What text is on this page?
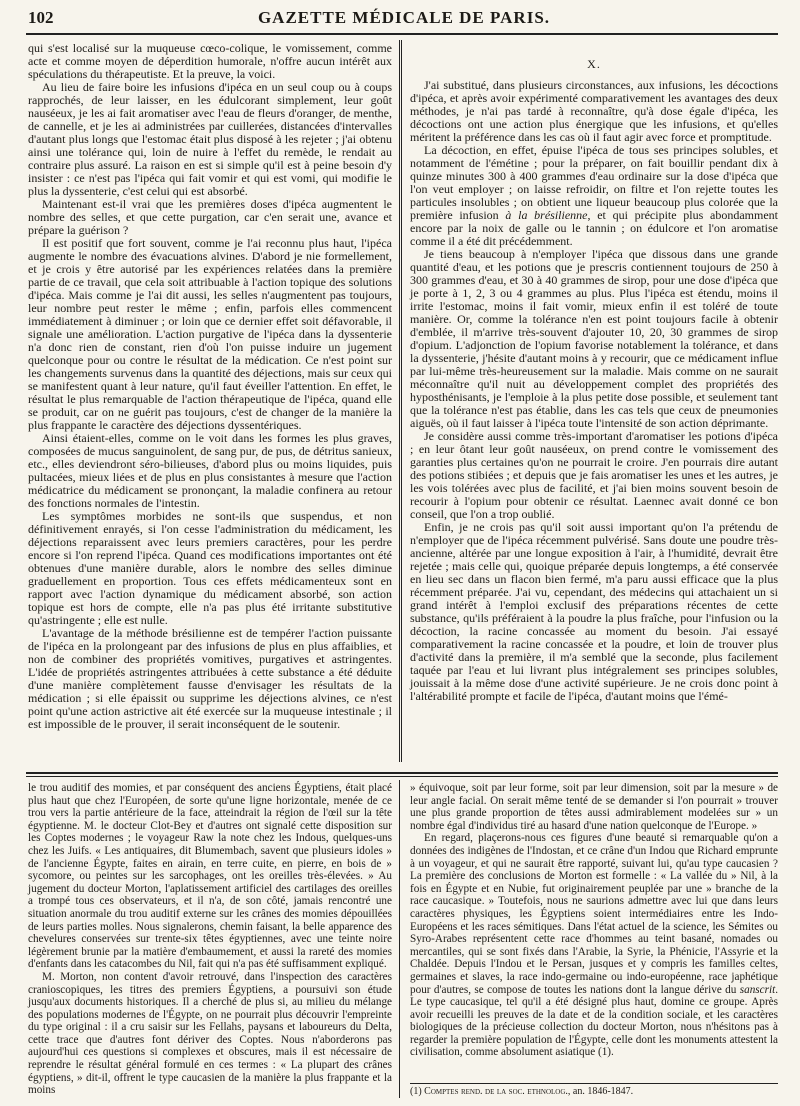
102	GAZETTE MÉDICALE DE PARIS.

qui s'est localisé sur la muqueuse cœco-colique, le vomissement, comme acte et comme moyen de déperdition humorale, n'offre aucun intérêt aux spéculations du thérapeutiste. Et la preuve, la voici.

Au lieu de faire boire les infusions d'ipéca en un seul coup ou à coups rapprochés, de leur laisser, en les édulcorant simplement, leur goût nauséeux, je les ai fait aromatiser avec l'eau de fleurs d'oranger, de menthe, de cannelle, et je les ai administrées par cuillerées, distancées d'intervalles d'autant plus longs que l'estomac était plus disposé à les rejeter ; j'ai obtenu ainsi une tolérance qui, loin de nuire à l'effet du remède, le rendait au contraire plus assuré. La raison en est si simple qu'il est à peine besoin d'y insister : ce n'est pas l'ipéca qui fait vomir et qui est vomi, qui modifie le plus la dyssenterie, c'est celui qui est absorbé.

Maintenant est-il vrai que les premières doses d'ipéca augmentent le nombre des selles, et que cette purgation, car c'en serait une, avance et prépare la guérison ?

Il est positif que fort souvent, comme je l'ai reconnu plus haut, l'ipéca augmente le nombre des évacuations alvines. D'abord je nie formellement, et je crois y être autorisé par les expériences relatées dans la première partie de ce travail, que cela soit attribuable à l'action topique des solutions d'ipéca. Mais comme je l'ai dit aussi, les selles n'augmentent pas toujours, leur nombre peut rester le même ; enfin, parfois elles commencent immédiatement à diminuer ; or loin que ce dernier effet soit défavorable, il signale une amélioration. L'action purgative de l'ipéca dans la dyssenterie n'a donc rien de constant, rien d'où l'on puisse induire un jugement quelconque pour ou contre le résultat de la médication. Ce n'est point sur les changements survenus dans la quantité des déjections, mais sur ceux qui se manifestent quant à leur nature, qu'il faut éveiller l'attention. En effet, le résultat le plus remarquable de l'action thérapeutique de l'ipéca, quand elle se produit, car on ne guérit pas toujours, c'est de changer de la manière la plus frappante le caractère des déjections dyssentériques.

Ainsi étaient-elles, comme on le voit dans les formes les plus graves, composées de mucus sanguinolent, de sang pur, de pus, de détritus sanieux, etc., elles deviendront séro-bilieuses, d'abord plus ou moins liquides, puis pultacées, mieux liées et de plus en plus consistantes à mesure que l'action médicatrice du médicament se prononçant, la maladie confinera au retour des fonctions normales de l'intestin.

Les symptômes morbides ne sont-ils que suspendus, et non définitivement enrayés, si l'on cesse l'administration du médicament, les déjections reparaissent avec leurs premiers caractères, pour les perdre encore si l'on reprend l'ipéca. Quand ces modifications importantes ont été obtenues d'une manière durable, alors le nombre des selles diminue graduellement en proportion. Tous ces effets médicamenteux sont en rapport avec l'action dynamique du médicament absorbé, son action topique est hors de compte, elle n'a pas plus été irritante substitutive qu'astringente ; elle est nulle.

L'avantage de la méthode brésilienne est de tempérer l'action puissante de l'ipéca en la prolongeant par des infusions de plus en plus affaiblies, et non de combiner des propriétés vomitives, purgatives et astringentes. L'idée de propriétés astringentes attribuées à cette substance a été déduite d'une manière complètement fausse d'envisager les résultats de la médication ; si elle épaissit ou supprime les déjections alvines, ce n'est point qu'une action astrictive ait été exercée sur la muqueuse intestinale ; il est impossible de le prouver, il serait inconséquent de le soutenir.

X.

J'ai substitué, dans plusieurs circonstances, aux infusions, les décoctions d'ipéca, et après avoir expérimenté comparativement les avantages des deux méthodes, je n'ai pas tardé à reconnaître, qu'à dose égale d'ipéca, les décoctions ont une action plus énergique que les infusions, et qu'elles méritent la préférence dans les cas où il faut agir avec force et promptitude.

La décoction, en effet, épuise l'ipéca de tous ses principes solubles, et notamment de l'émétine ; pour la préparer, on fait bouillir pendant dix à quinze minutes 300 à 400 grammes d'eau ordinaire sur la dose d'ipéca que l'on veut employer ; on laisse refroidir, on filtre et l'on rejette toutes les particules insolubles ; on obtient une liqueur beaucoup plus colorée que la première infusion à la brésilienne, et qui précipite plus abondamment encore par la noix de galle ou le tannin ; on édulcore et l'on aromatise comme il a été dit précédemment.

Je tiens beaucoup à n'employer l'ipéca que dissous dans une grande quantité d'eau, et les potions que je prescris contiennent toujours de 250 à 300 grammes d'eau, et 30 à 40 grammes de sirop, pour une dose d'ipéca que je porte à 1, 2, 3 ou 4 grammes au plus. Plus l'ipéca est étendu, moins il irrite l'estomac, moins il fait vomir, mieux enfin il est toléré de toute manière. Or, comme la tolérance n'en est point toujours facile à obtenir d'emblée, il m'arrive très-souvent d'ajouter 10, 20, 30 grammes de sirop d'opium. L'adjonction de l'opium favorise notablement la tolérance, et dans la dyssenterie, j'hésite d'autant moins à y recourir, que ce médicament influe par lui-même très-heureusement sur la maladie. Mais comme on ne saurait méconnaître qu'il nuit au développement complet des propriétés des hyposthénisants, je l'emploie à la plus petite dose possible, et seulement tant que la tolérance n'est pas établie, dans les cas tels que ceux de pneumonies aiguës, où il faut laisser à l'ipéca toute l'intensité de son action déprimante.

Je considère aussi comme très-important d'aromatiser les potions d'ipéca ; en leur ôtant leur goût nauséeux, on prend contre le vomissement des garanties plus certaines qu'on ne pourrait le croire. J'en pourrais dire autant des potions stibiées ; et depuis que je fais aromatiser les unes et les autres, je les vois tolérées avec plus de facilité, et j'ai bien moins souvent besoin de recourir à l'opium pour obtenir ce résultat. Laennec avait donné ce bon conseil, que l'on a trop oublié.

Enfin, je ne crois pas qu'il soit aussi important qu'on l'a prétendu de n'employer que de l'ipéca récemment pulvérisé. Sans doute une poudre très-ancienne, altérée par une longue exposition à l'air, à l'humidité, devrait être rejetée ; mais celle qui, quoique préparée depuis longtemps, a été conservée en lieu sec dans un flacon bien fermé, m'a paru aussi efficace que la plus récemment préparée. J'ai vu, cependant, des médecins qui attachaient un si grand intérêt à l'emploi exclusif des préparations récentes de cette substance, qu'ils préféraient à la poudre la plus fraîche, pour l'infusion ou la décoction, la racine concassée au moment du besoin. J'ai essayé comparativement la racine concassée et la poudre, et loin de trouver plus d'activité dans la première, il m'a semblé que la seconde, plus facilement taquée par l'eau et lui livrant plus intégralement ses principes solubles, jouissait à la même dose d'une activité supérieure. Je ne crois donc point à l'altérabilité prompte et facile de l'ipéca, d'autant moins que l'émé-

le trou auditif des momies, et par conséquent des anciens Égyptiens, était placé plus haut que chez l'Européen, de sorte qu'une ligne horizontale, menée de ce trou vers la partie antérieure de la face, atteindrait la région de l'œil sur la tête égyptienne. M. le docteur Clot-Bey et d'autres ont signalé cette disposition sur les Coptes modernes ; le voyageur Raw la note chez les Indous, quelques-uns chez les Juifs. « Les antiquaires, dit Blumembach, savent que plusieurs idoles » de l'ancienne Égypte, faites en airain, en terre cuite, en pierre, en bois de » sycomore, ou peintes sur les sarcophages, ont les oreilles très-élevées. » Au jugement du docteur Morton, l'aplatissement artificiel des cartilages des oreilles a trompé tous ces observateurs, et il n'a, de son côté, jamais rencontré une situation anormale du trou auditif externe sur les crânes des momies dépouillées de leurs parties molles. Nous signalerons, chemin faisant, la belle apparence des chevelures conservées sur trente-six têtes égyptiennes, avec une teinte noire légèrement brunie par la matière d'embaumement, et aussi la rareté des momies d'enfants dans les catacombes du Nil, fait qui n'a pas été suffisamment expliqué.

M. Morton, non content d'avoir retrouvé, dans l'inspection des caractères cranioscopiques, les titres des premiers Égyptiens, a poursuivi son étude jusqu'aux documents historiques. Il a cherché de plus si, au milieu du mélange des populations modernes de l'Égypte, on ne pourrait plus découvrir l'empreinte du type original : il a cru saisir sur les Fellahs, paysans et laboureurs du Delta, cette trace que d'autres font dériver des Coptes. Nous n'aborderons pas aujourd'hui ces questions si complexes et obscures, mais il est nécessaire de reprendre le résultat général formulé en ces termes : « La plupart des crânes égyptiens, » dit-il, offrent le type caucasien de la manière la plus frappante et la moins

» équivoque, soit par leur forme, soit par leur dimension, soit par la mesure » de leur angle facial. On serait même tenté de se demander si l'on pourrait » trouver une plus grande proportion de têtes aussi admirablement modelées sur » un nombre égal d'individus tiré au hasard d'une nation quelconque de l'Europe. »

En regard, plaçerons-nous ces figures d'une beauté si remarquable qu'on a données des indigènes de l'Indostan, et ce crâne d'un Indou que Richard emprunte à un voyageur, et qui ne saurait être rapporté, suivant lui, qu'au type caucasien ? La première des conclusions de Morton est formelle : « La vallée du » Nil, à la fois en Égypte et en Nubie, fut originairement peuplée par une » branche de la race caucasique. » Toutefois, nous ne saurions admettre avec lui que dans leurs caractères physiques, les Égyptiens soient intermédiaires entre les Indo-Européens et les races sémitiques. Dans l'état actuel de la science, les Sémites ou Syro-Arabes représentent cette race d'hommes au teint basané, nomades ou mercantiles, qui se sont fixés dans l'Arabie, la Syrie, la Phénicie, l'Assyrie et la Chaldée. Depuis l'Indou et le Persan, jusques et y compris les familles celtes, germaines et slaves, la race indo-germaine ou indo-européenne, race japhétique pour d'autres, se compose de toutes les nations dont la langue dérive du sanscrit. Le type caucasique, tel qu'il a été désigné plus haut, domine ce groupe. Après avoir recueilli les preuves de la date et de la condition sociale, et les caractères biologiques de la précieuse collection du docteur Morton, nous n'hésitons pas à regarder la première population de l'Égypte, celle dont les monuments attestent la civilisation, comme absolument asiatique (1).

(1) Comptes rend. de la soc. ethnolog., an. 1846-1847.
